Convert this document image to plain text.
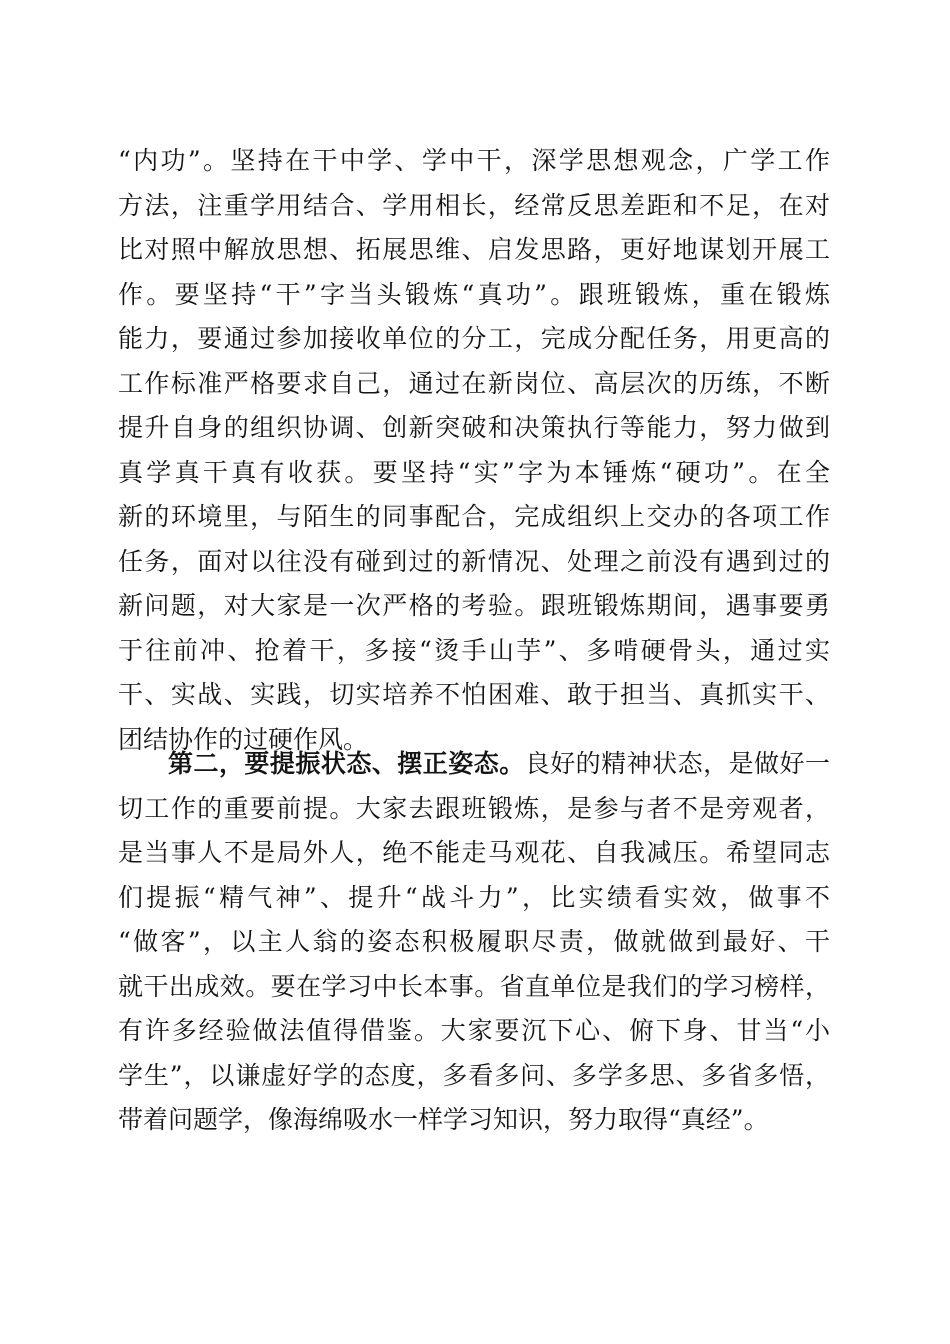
“内功”。坚持在干中学、学中干，深学思想观念，广学工作
方法，注重学用结合、学用相长，经常反思差距和不足，在对
比对照中解放思想、拓展思维、启发思路，更好地谋划开展工
作。要坚持“干”字当头锻炼“真功”。跟班锻炼，重在锻炼
能力，要通过参加接收单位的分工，完成分配任务，用更高的
工作标准严格要求自己，通过在新岗位、高层次的历练，不断
提升自身的组织协调、创新突破和决策执行等能力，努力做到
真学真干真有收获。要坚持“实”字为本锤炼“硬功”。在全
新的环境里，与陌生的同事配合，完成组织上交办的各项工作
任务，面对以往没有碰到过的新情况、处理之前没有遇到过的
新问题，对大家是一次严格的考验。跟班锻炼期间，遇事要勇
于往前冲、抢着干，多接“烫手山芋”、多啃硬骨头，通过实
干、实战、实践，切实培养不怕困难、敢于担当、真抓实干、
团结协作的过硬作风。
第二，要提振状态、摆正姿态。良好的精神状态，是做好一
切工作的重要前提。大家去跟班锻炼，是参与者不是旁观者，
是当事人不是局外人，绝不能走马观花、自我减压。希望同志
们提振“精气神”、提升“战斗力”，比实绩看实效，做事不
“做客”，以主人翁的姿态积极履职尽责，做就做到最好、干
就干出成效。要在学习中长本事。省直单位是我们的学习榜样，
有许多经验做法值得借鉴。大家要沉下心、俯下身、甘当“小
学生”，以谦虚好学的态度，多看多问、多学多思、多省多悟，
带着问题学，像海绵吸水一样学习知识，努力取得“真经”。
